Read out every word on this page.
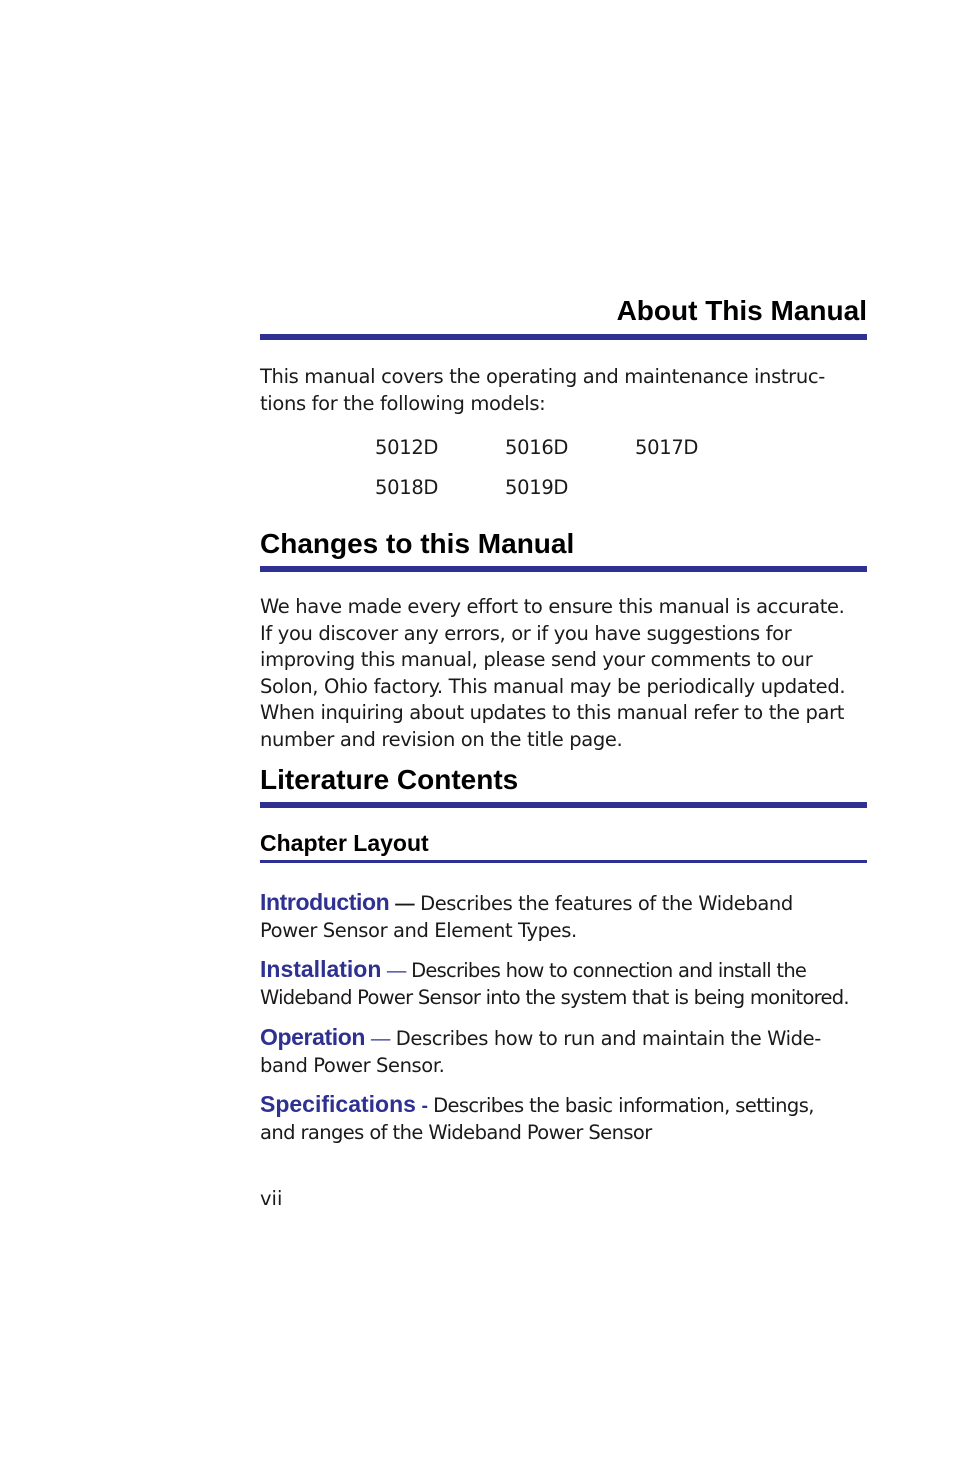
About This Manual

This manual covers the operating and maintenance instruc-
tions for the following models:

5012D	5016D	5017D
5018D	5019D
Changes to this Manual

We have made every effort to ensure this manual is accurate.
If you discover any errors, or if you have suggestions for
improving this manual, please send your comments to our
Solon, Ohio factory. This manual may be periodically updated.
When inquiring about updates to this manual refer to the part
number and revision on the title page.

Literature Contents
Chapter Layout

Introduction — Describes the features of the Wideband
Power Sensor and Element Types.

Installation — Describes how to connection and install the
Wideband Power Sensor into the system that is being monitored.

Operation — Describes how to run and maintain the Wide-
band Power Sensor.

Specifications - Describes the basic information, settings,
and ranges of the Wideband Power Sensor

vii
